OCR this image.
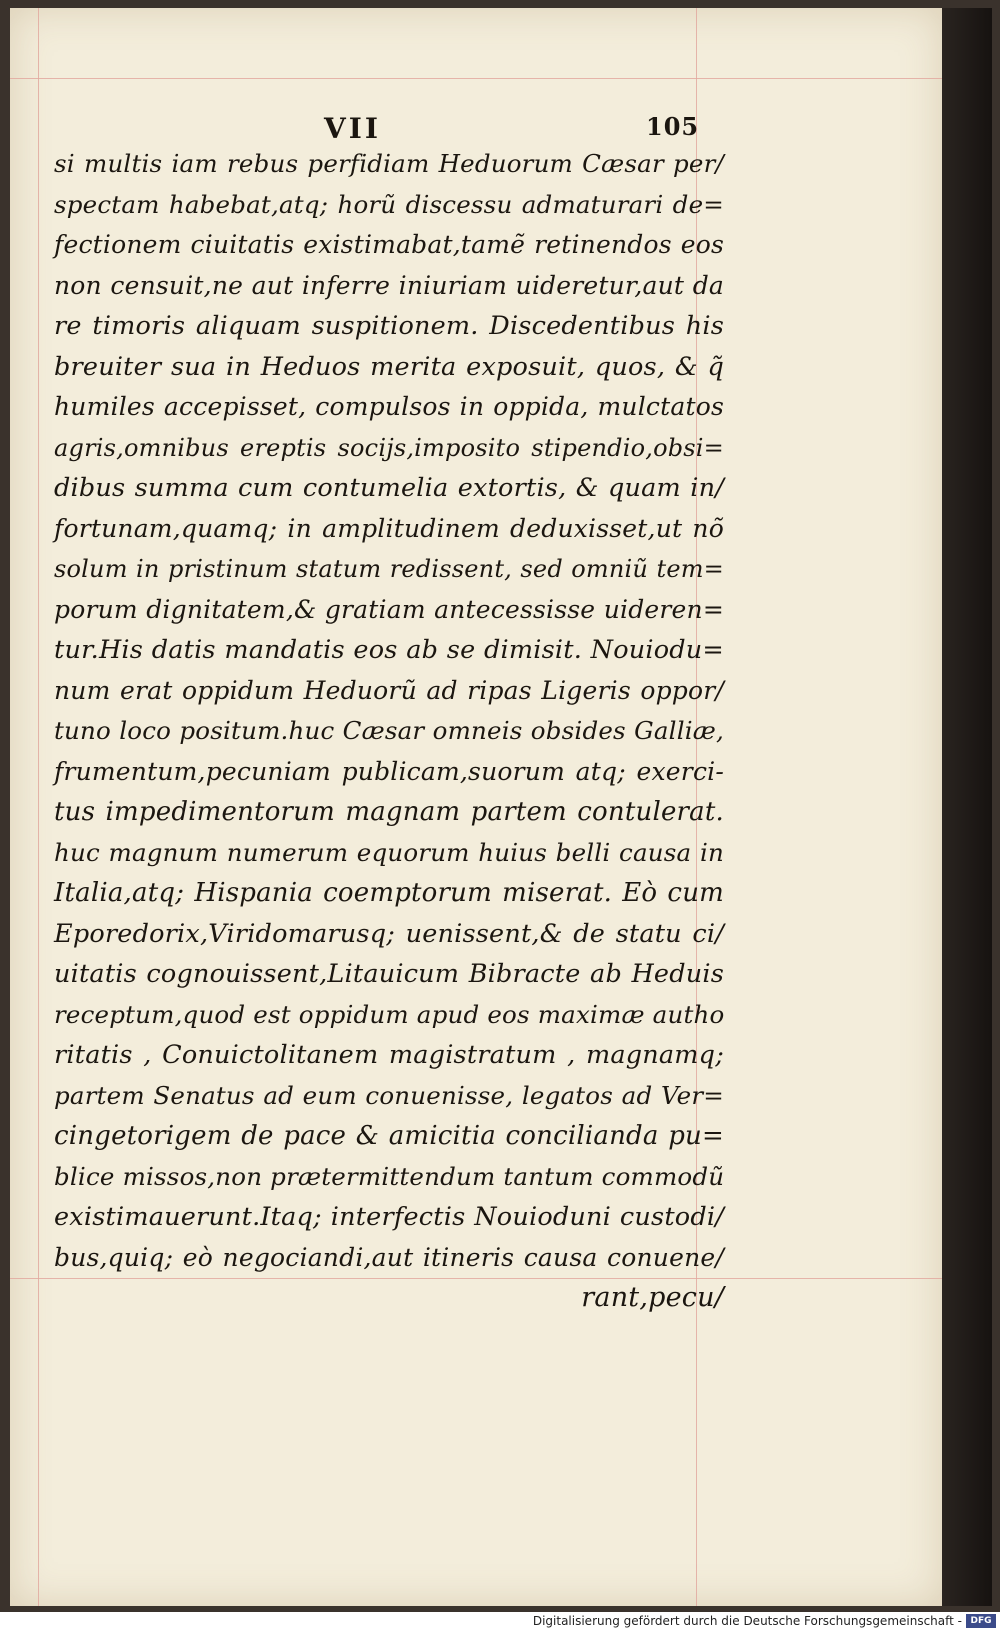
VII	105
si multis iam rebus perfidiam Heduorum Cæsar per/
spectam habebat,atq; horũ discessu admaturari de=
fectionem ciuitatis existimabat,tamẽ retinendos eos
non censuit,ne aut inferre iniuriam uideretur,aut da
re timoris aliquam suspitionem. Discedentibus his
breuiter sua in Heduos merita exposuit, quos, & q̃
humiles accepisset, compulsos in oppida, mulctatos
agris,omnibus ereptis socijs,imposito stipendio,obsi=
dibus summa cum contumelia extortis, & quam in/
fortunam,quamq; in amplitudinem deduxisset,ut nõ
solum in pristinum statum redissent, sed omniũ tem=
porum dignitatem,& gratiam antecessisse uideren=
tur.His datis mandatis eos ab se dimisit. Nouiodu=
num erat oppidum Heduorũ ad ripas Ligeris oppor/
tuno loco positum.huc Cæsar omneis obsides Galliæ,
frumentum,pecuniam publicam,suorum atq; exerci-
tus impedimentorum magnam partem contulerat.
huc magnum numerum equorum huius belli causa in
Italia,atq; Hispania coemptorum miserat. Eò cum
Eporedorix,Viridomarusq; uenissent,& de statu ci/
uitatis cognouissent,Litauicum Bibracte ab Heduis
receptum,quod est oppidum apud eos maximæ autho
ritatis , Conuictolitanem magistratum , magnamq;
partem Senatus ad eum conuenisse, legatos ad Ver=
cingetorigem de pace & amicitia concilianda pu=
blice missos,non prætermittendum tantum commodũ
existimauerunt.Itaq; interfectis Nouioduni custodi/
bus,quiq; eò negociandi,aut itineris causa conuene/
rant,pecu/
Digitalisierung gefördert durch die Deutsche Forschungsgemeinschaft - DFG
